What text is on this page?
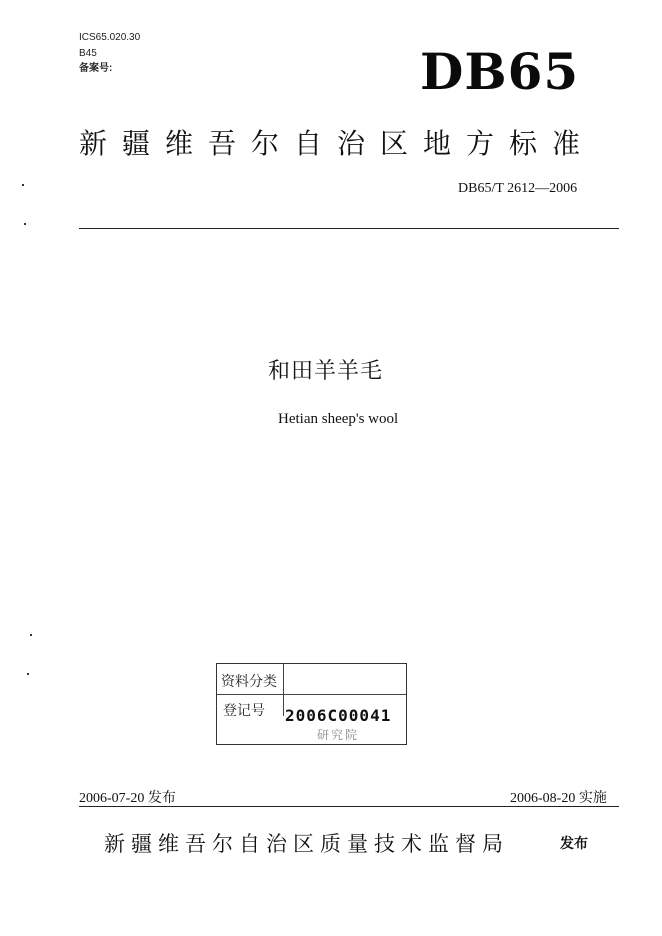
ICS65.020.30
B45
备案号:	DB65
新疆维吾尔自治区地方标准
DB65/T 2612—2006
和田羊羊毛
Hetian sheep's wool
资料分类
登记号 2006C00041
研究院
2006-07-20 发布	2006-08-20 实施
新疆维吾尔自治区质量技术监督局	发布
